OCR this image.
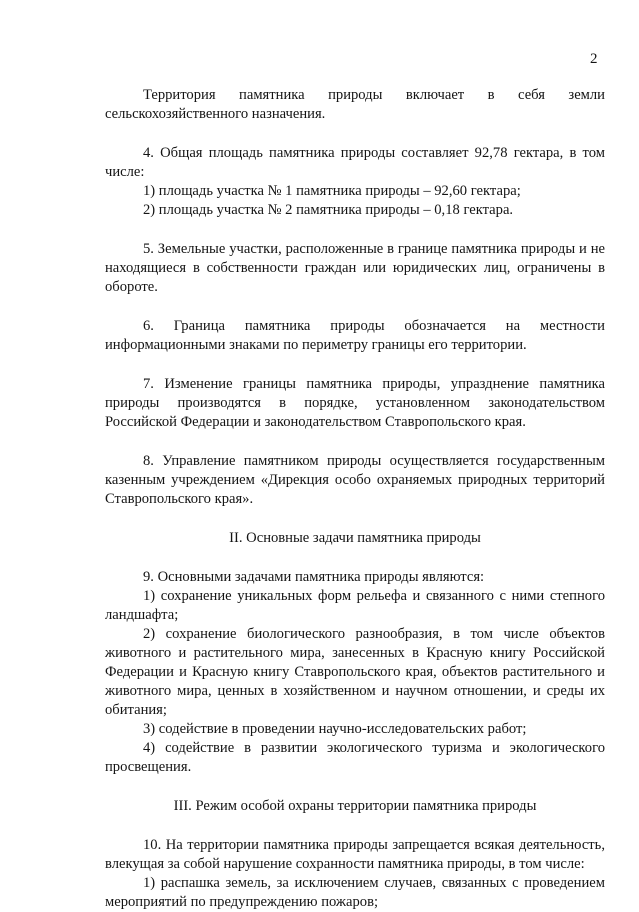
2
Территория памятника природы включает в себя земли сельскохозяйственного назначения.
4. Общая площадь памятника природы составляет 92,78 гектара, в том числе:
1) площадь участка № 1 памятника природы – 92,60 гектара;
2) площадь участка № 2 памятника природы – 0,18 гектара.
5. Земельные участки, расположенные в границе памятника природы и не находящиеся в собственности граждан или юридических лиц, ограничены в обороте.
6. Граница памятника природы обозначается на местности информационными знаками по периметру границы его территории.
7. Изменение границы памятника природы, упразднение памятника природы производятся в порядке, установленном законодательством Российской Федерации и законодательством Ставропольского края.
8. Управление памятником природы осуществляется государственным казенным учреждением «Дирекция особо охраняемых природных территорий Ставропольского края».
II. Основные задачи памятника природы
9. Основными задачами памятника природы являются:
1) сохранение уникальных форм рельефа и связанного с ними степного ландшафта;
2) сохранение биологического разнообразия, в том числе объектов животного и растительного мира, занесенных в Красную книгу Российской Федерации и Красную книгу Ставропольского края, объектов растительного и животного мира, ценных в хозяйственном и научном отношении, и среды их обитания;
3) содействие в проведении научно-исследовательских работ;
4) содействие в развитии экологического туризма и экологического просвещения.
III. Режим особой охраны территории памятника природы
10. На территории памятника природы запрещается всякая деятельность, влекущая за собой нарушение сохранности памятника природы, в том числе:
1) распашка земель, за исключением случаев, связанных с проведением мероприятий по предупреждению пожаров;
